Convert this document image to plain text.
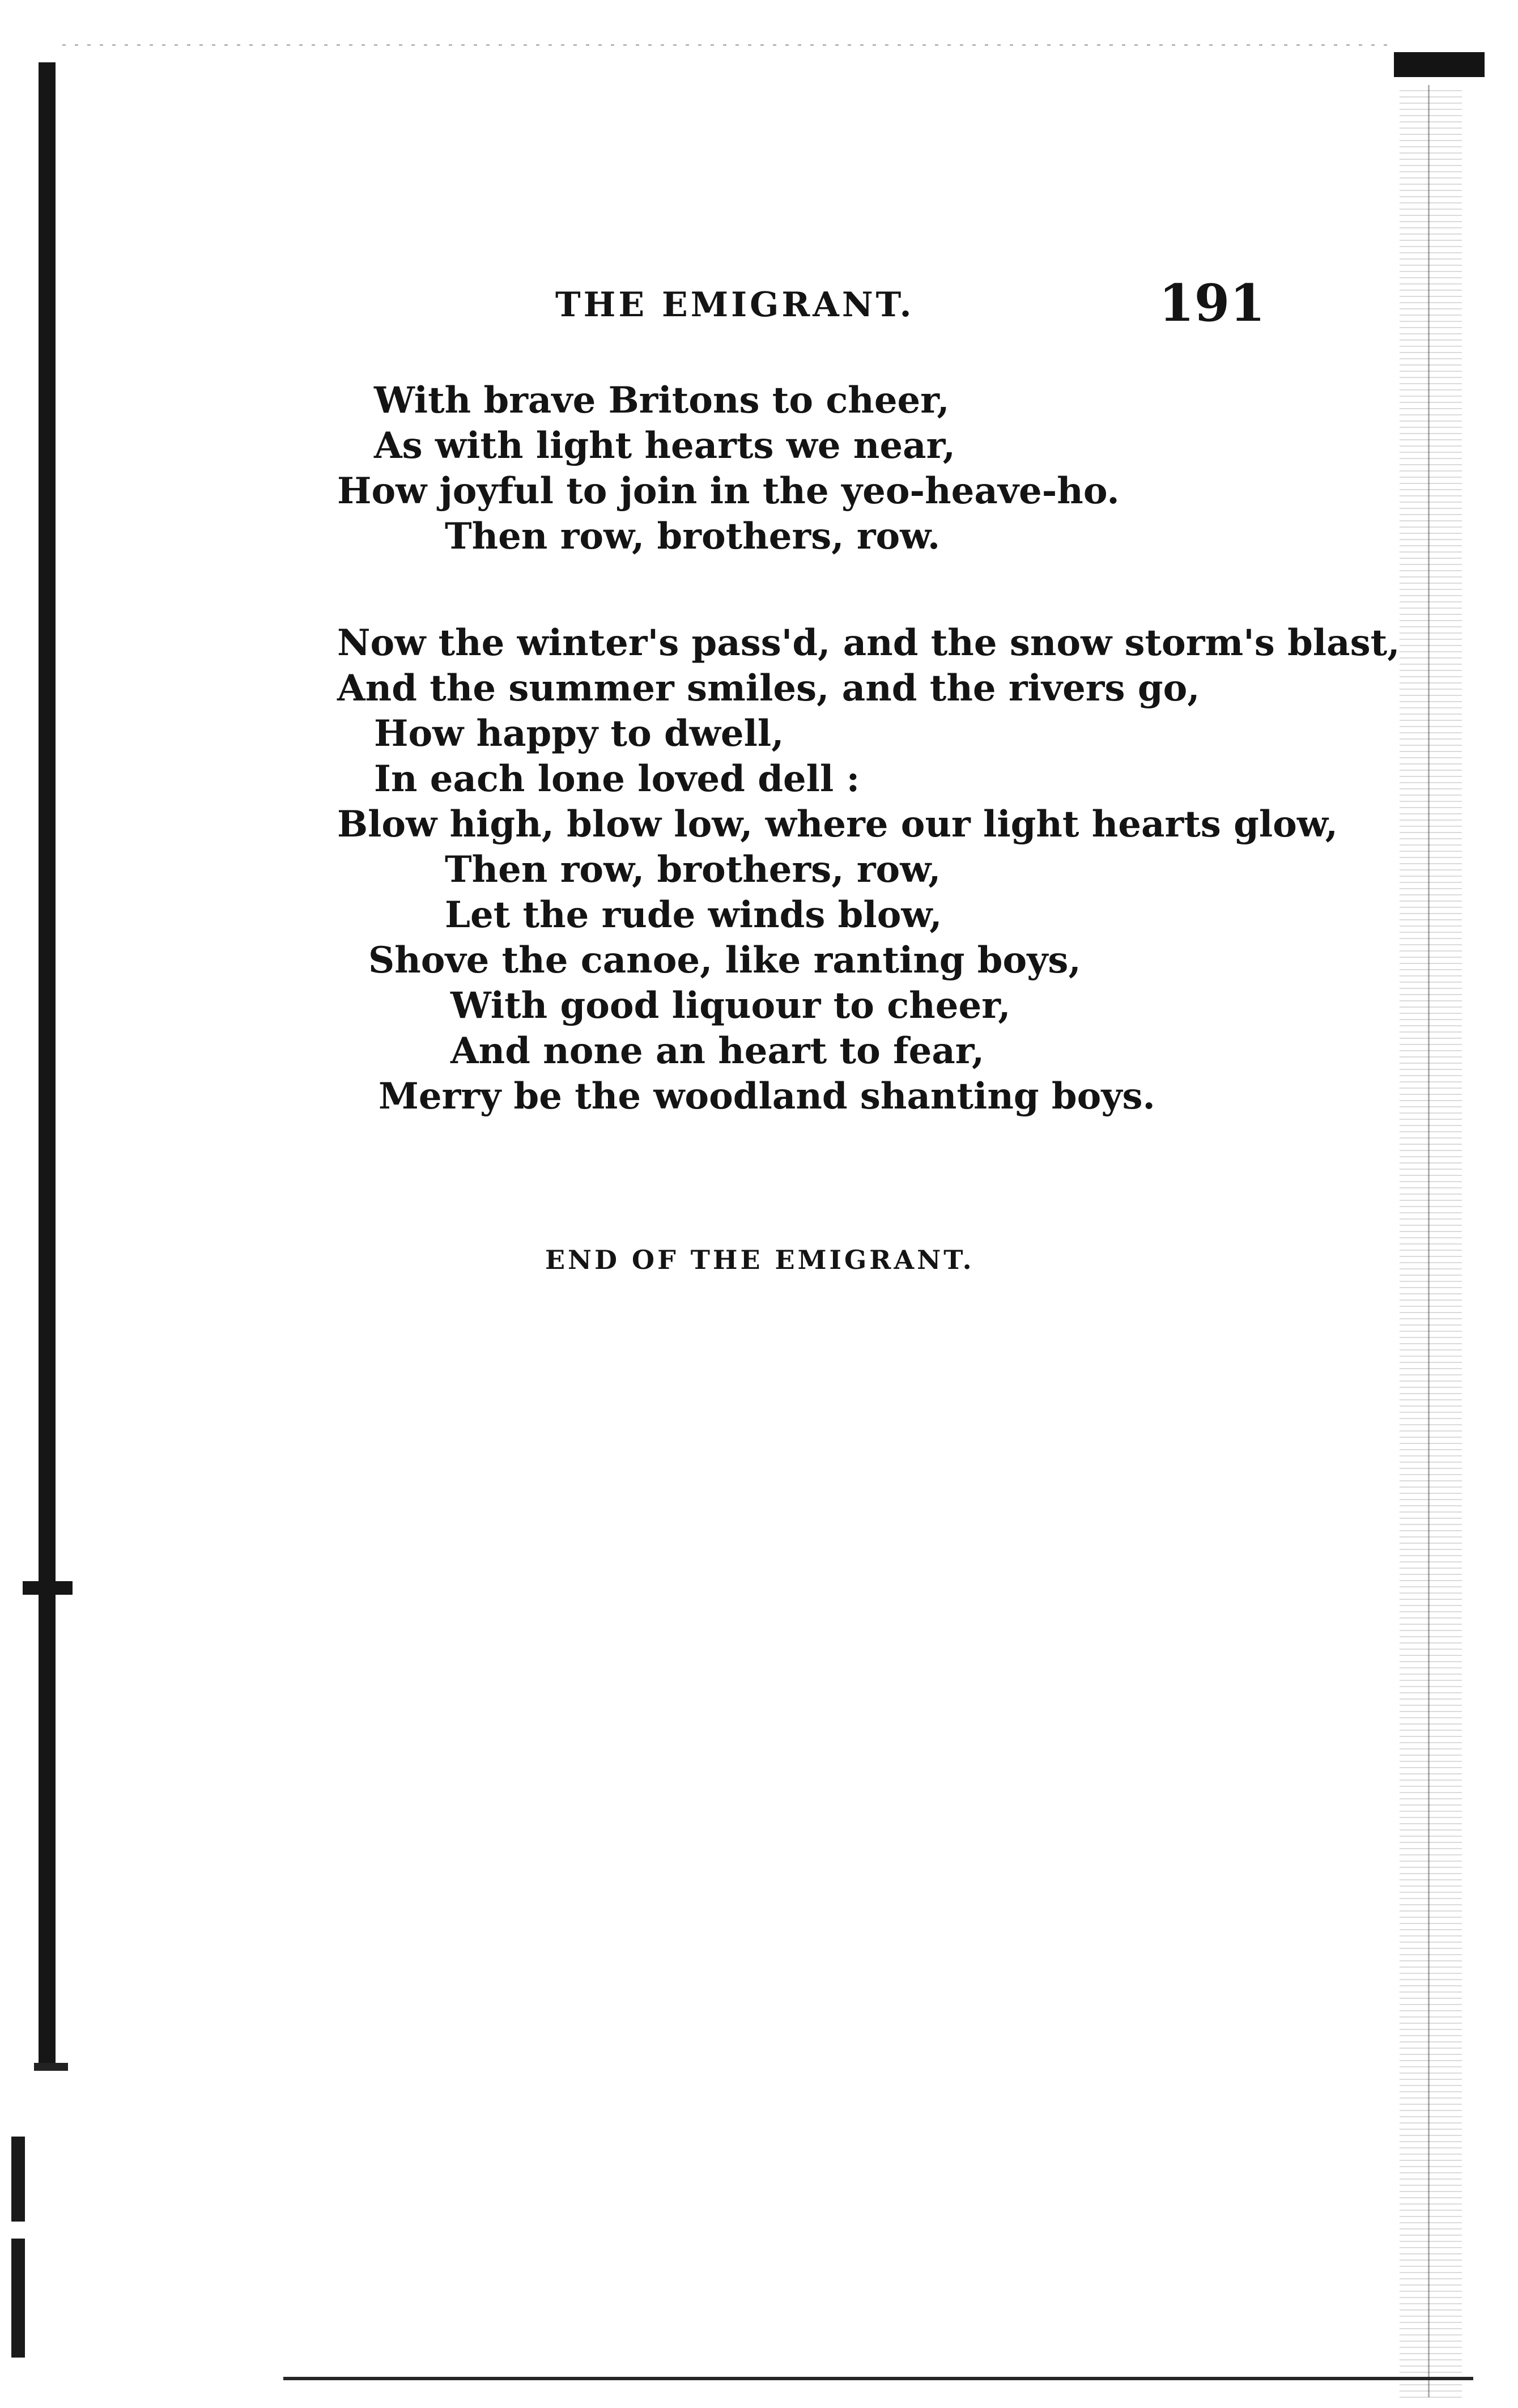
THE EMIGRANT.	191
With brave Britons to cheer,
As with light hearts we near,
How joyful to join in the yeo-heave-ho.
Then row, brothers, row.
Now the winter's pass'd, and the snow storm's blast,
And the summer smiles, and the rivers go,
How happy to dwell,
In each lone loved dell :
Blow high, blow low, where our light hearts glow,
Then row, brothers, row,
Let the rude winds blow,
Shove the canoe, like ranting boys,
With good liquour to cheer,
And none an heart to fear,
Merry be the woodland shanting boys.
END OF THE EMIGRANT.
